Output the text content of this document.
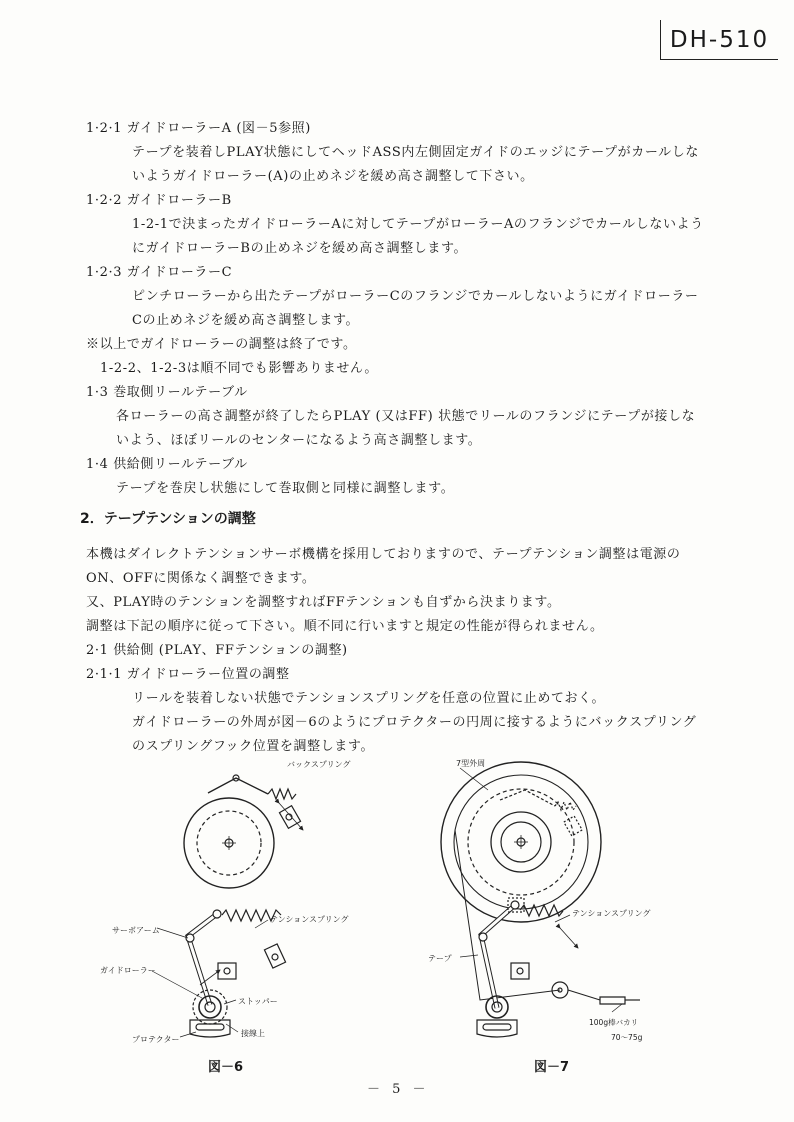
DH-510
1·2·1 ガイドローラーA (図－5参照)
テープを装着しPLAY状態にしてヘッドASS内左側固定ガイドのエッジにテープがカールしな
いようガイドローラー(A)の止めネジを緩め高さ調整して下さい。
1·2·2 ガイドローラーB
1-2-1で決まったガイドローラーAに対してテープがローラーAのフランジでカールしないよう
にガイドローラーBの止めネジを緩め高さ調整します。
1·2·3 ガイドローラーC
ピンチローラーから出たテープがローラーCのフランジでカールしないようにガイドローラー
Cの止めネジを緩め高さ調整します。
※以上でガイドローラーの調整は終了です。
1-2-2、1-2-3は順不同でも影響ありません。
1·3 巻取側リールテーブル
各ローラーの高さ調整が終了したらPLAY (又はFF) 状態でリールのフランジにテープが接しな
いよう、ほぼリールのセンターになるよう高さ調整します。
1·4 供給側リールテーブル
テープを巻戻し状態にして巻取側と同様に調整します。
2．テープテンションの調整
本機はダイレクトテンションサーボ機構を採用しておりますので、テープテンション調整は電源の
ON、OFFに関係なく調整できます。
又、PLAY時のテンションを調整すればFFテンションも自ずから決まります。
調整は下記の順序に従って下さい。順不同に行いますと規定の性能が得られません。
2·1 供給側 (PLAY、FFテンションの調整)
2·1·1 ガイドローラー位置の調整
リールを装着しない状態でテンションスプリングを任意の位置に止めておく。
ガイドローラーの外周が図－6のようにプロテクターの円周に接するようにバックスプリング
のスプリングフック位置を調整します。
バックスプリング
サーボアーム
テンションスプリング
ガイドローラー
ストッパー
接線上
プロテクター
7型外周
テンションスプリング
テープ
100g棒バカリ
70～75g
図－6	図－7
－ 5 －
